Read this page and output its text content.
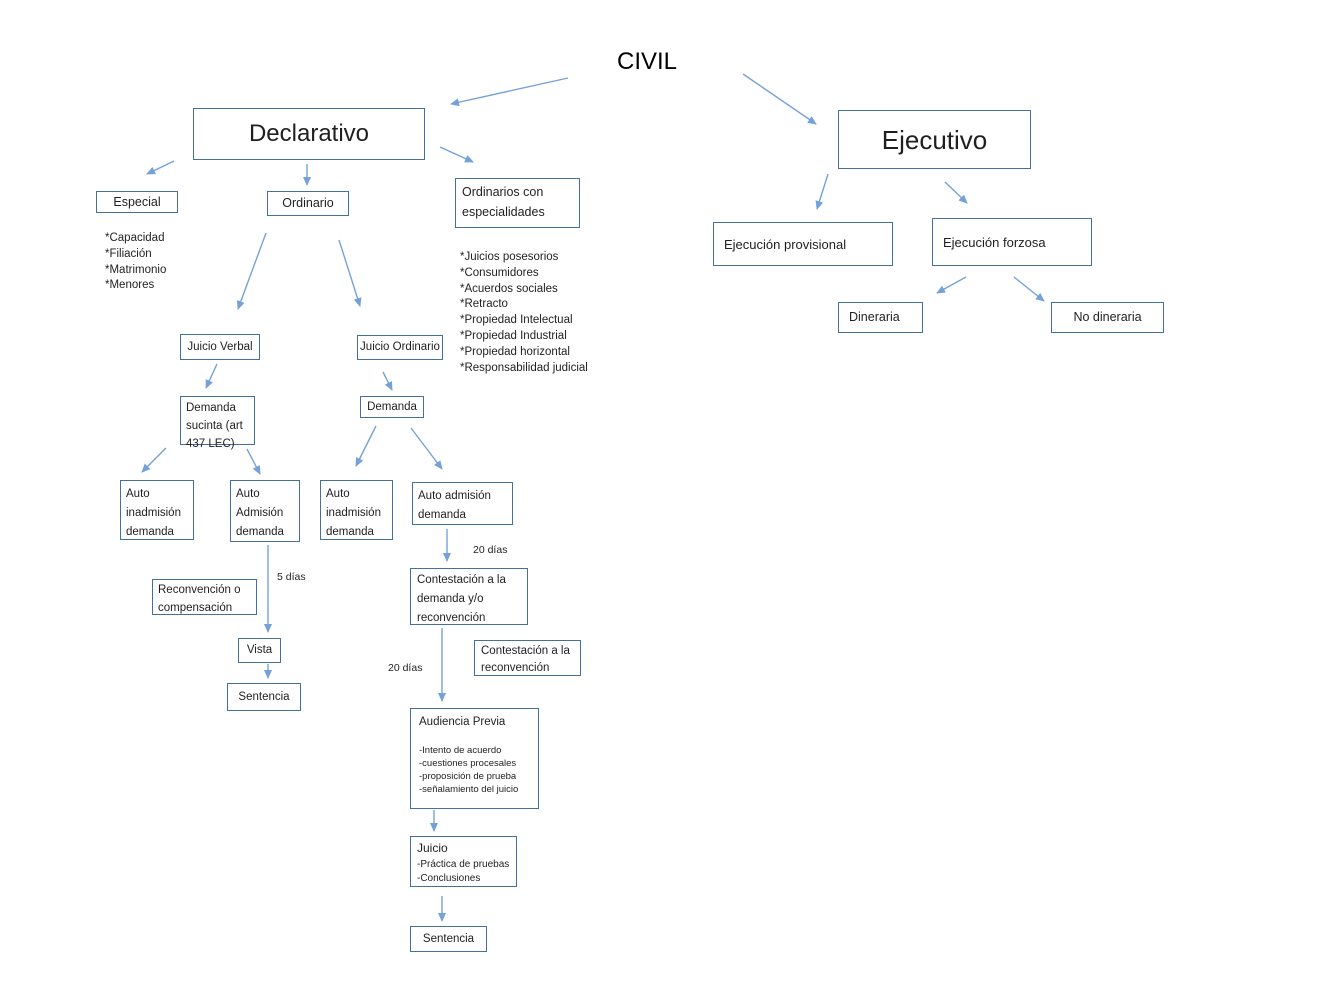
CIVIL
Declarativo	Ejecutivo
Especial	Ordinario
Ordinarios con especialidades
*Capacidad
*Filiación
*Matrimonio
*Menores
*Juicios posesorios
*Consumidores
*Acuerdos sociales
*Retracto
*Propiedad Intelectual
*Propiedad Industrial
*Propiedad horizontal
*Responsabilidad judicial
Juicio Verbal	Juicio Ordinario
Demanda sucinta (art 437 LEC)
Demanda
Auto inadmisión demanda
Auto Admisión demanda
Auto inadmisión demanda
Auto admisión demanda
5 días
20 días
20 días
Reconvención o compensación
Vista
Sentencia
Contestación a la demanda y/o reconvención
Contestación a la reconvención
Audiencia Previa
-Intento de acuerdo
-cuestiones procesales
-proposición de prueba
-señalamiento del juicio
Juicio
-Práctica de pruebas
-Conclusiones
Sentencia
Ejecución provisional	Ejecución forzosa
Dineraria	No dineraria
